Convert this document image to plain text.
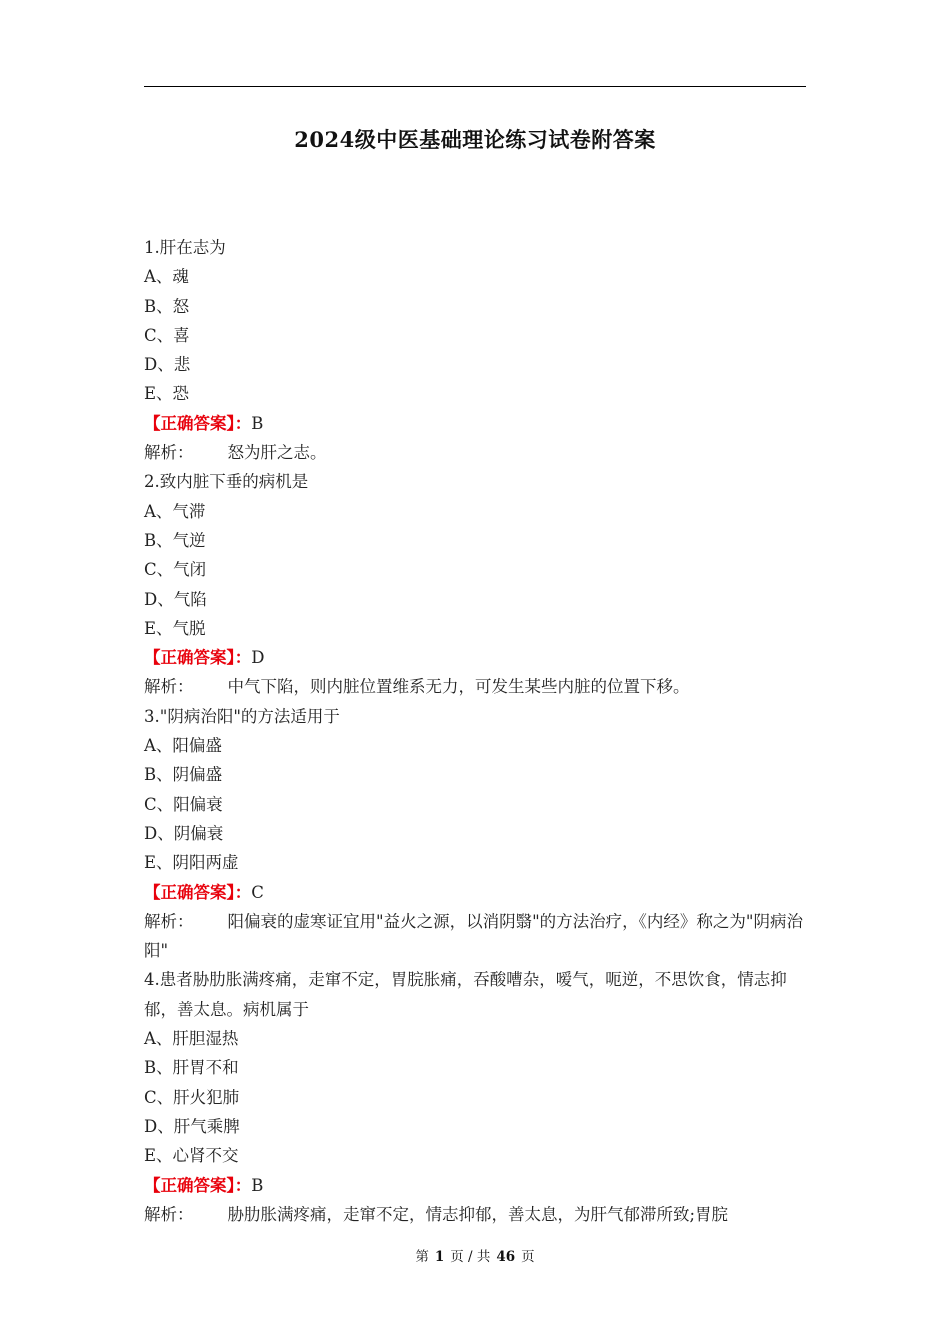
2024级中医基础理论练习试卷附答案
1.肝在志为
A、魂
B、怒
C、喜
D、悲
E、恐
【正确答案】：B
解析： 怒为肝之志。
2.致内脏下垂的病机是
A、气滞
B、气逆
C、气闭
D、气陷
E、气脱
【正确答案】：D
解析： 中气下陷，则内脏位置维系无力，可发生某些内脏的位置下移。
3."阴病治阳"的方法适用于
A、阳偏盛
B、阴偏盛
C、阳偏衰
D、阴偏衰
E、阴阳两虚
【正确答案】：C
解析： 阳偏衰的虚寒证宜用"益火之源，以消阴翳"的方法治疗，《内经》称之为"阴病治阳"
4.患者胁肋胀满疼痛，走窜不定，胃脘胀痛，吞酸嘈杂，嗳气，呃逆，不思饮食，情志抑郁，善太息。病机属于
A、肝胆湿热
B、肝胃不和
C、肝火犯肺
D、肝气乘脾
E、心肾不交
【正确答案】：B
解析： 胁肋胀满疼痛，走窜不定，情志抑郁，善太息，为肝气郁滞所致;胃脘
第 1 页 / 共 46 页
